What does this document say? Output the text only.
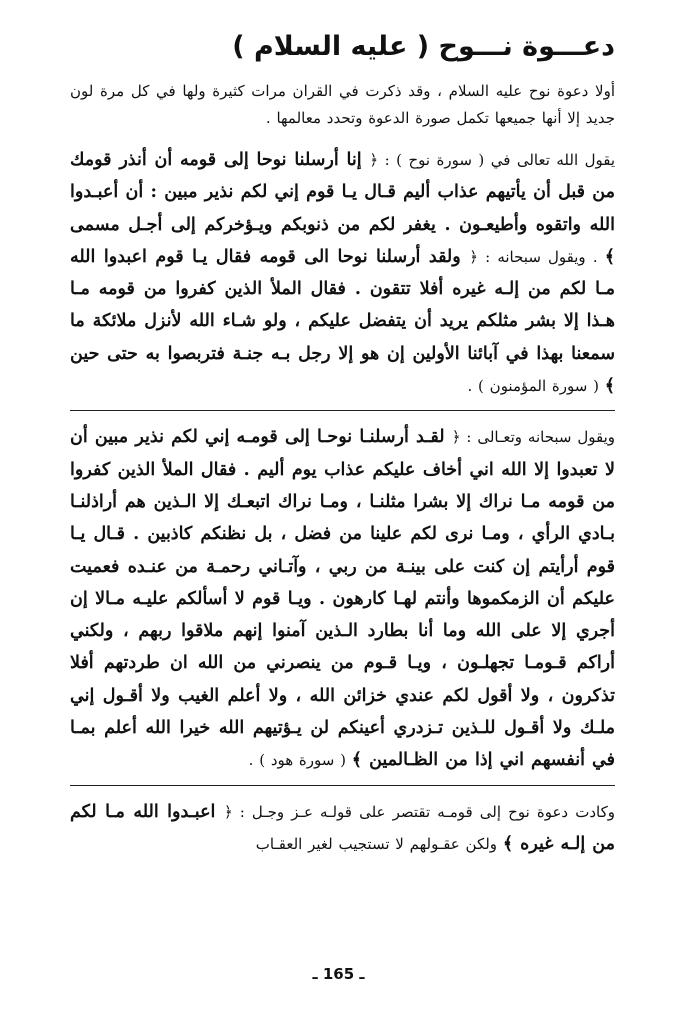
دعـــوة نـــوح ( عليه السلام )

أولا دعوة نوح عليه السلام ، وقد ذكرت في القران مرات كثيرة ولها في كل مرة لون جديد إلا أنها جميعها تكمل صورة الدعوة وتحدد معالمها .

يقول الله تعالى في ( سورة نوح ) : ﴿ إنا أرسلنا نوحا إلى قومه أن أنذر قومك من قبل أن يأتيهم عذاب أليم قـال يـا قوم إني لكم نذير مبين : أن أعبـدوا الله واتقوه وأطيعـون . يغفر لكم من ذنوبكم ويـؤخركم إلى أجـل مسمى ﴾ . ويقول سبحانه : ﴿ ولقد أرسلنا نوحا الى قومه فقال يـا قوم اعبدوا الله مـا لكم من إلـه غيره أفلا تتقون . فقال الملأ الذين كفروا من قومه مـا هـذا إلا بشر مثلكم يريد أن يتفضل عليكم ، ولو شـاء الله لأنزل ملائكة ما سمعنا بهذا في آبائنا الأولين إن هو إلا رجل بـه جنـة فتربصوا به حتى حين ﴾ ( سورة المؤمنون ) .

ويقول سبحانه وتعـالى : ﴿ لقـد أرسلنـا نوحـا إلى قومـه إني لكم نذير مبين أن لا تعبدوا إلا الله اني أخاف عليكم عذاب يوم أليم . فقال الملأ الذين كفروا من قومه مـا نراك إلا بشرا مثلنـا ، ومـا نراك اتبعـك إلا الـذين هم أراذلنـا بـادي الرأي ، ومـا نرى لكم علينا من فضل ، بل نظنكم كاذبين . قـال يـا قوم أرأيتم إن كنت على بينـة من ربي ، وآتـاني رحمـة من عنـده فعميت عليكم أن الزمكموها وأنتم لهـا كارهون . ويـا قوم لا أسألكم عليـه مـالا إن أجري إلا على الله وما أنا بطارد الـذين آمنوا إنهم ملاقوا ربهم ، ولكني أراكم قـومـا تجهلـون ، ويـا قـوم من ينصرني من الله ان طردتهم أفلا تذكرون ، ولا أقول لكم عندي خزائن الله ، ولا أعلم الغيب ولا أقـول إني ملـك ولا أقـول للـذين تـزدري أعينكم لن يـؤتيهم الله خيرا الله أعلم بمـا في أنفسهم اني إذا من الظـالمين ﴾ ( سورة هود ) .

وكادت دعوة نوح إلى قومـه تقتصر على قولـه عـز وجـل : ﴿ اعبـدوا الله مـا لكم من إلـه غيره ﴾ ولكن عقـولهم لا تستجيب لغير العقـاب

ـ 165 ـ
